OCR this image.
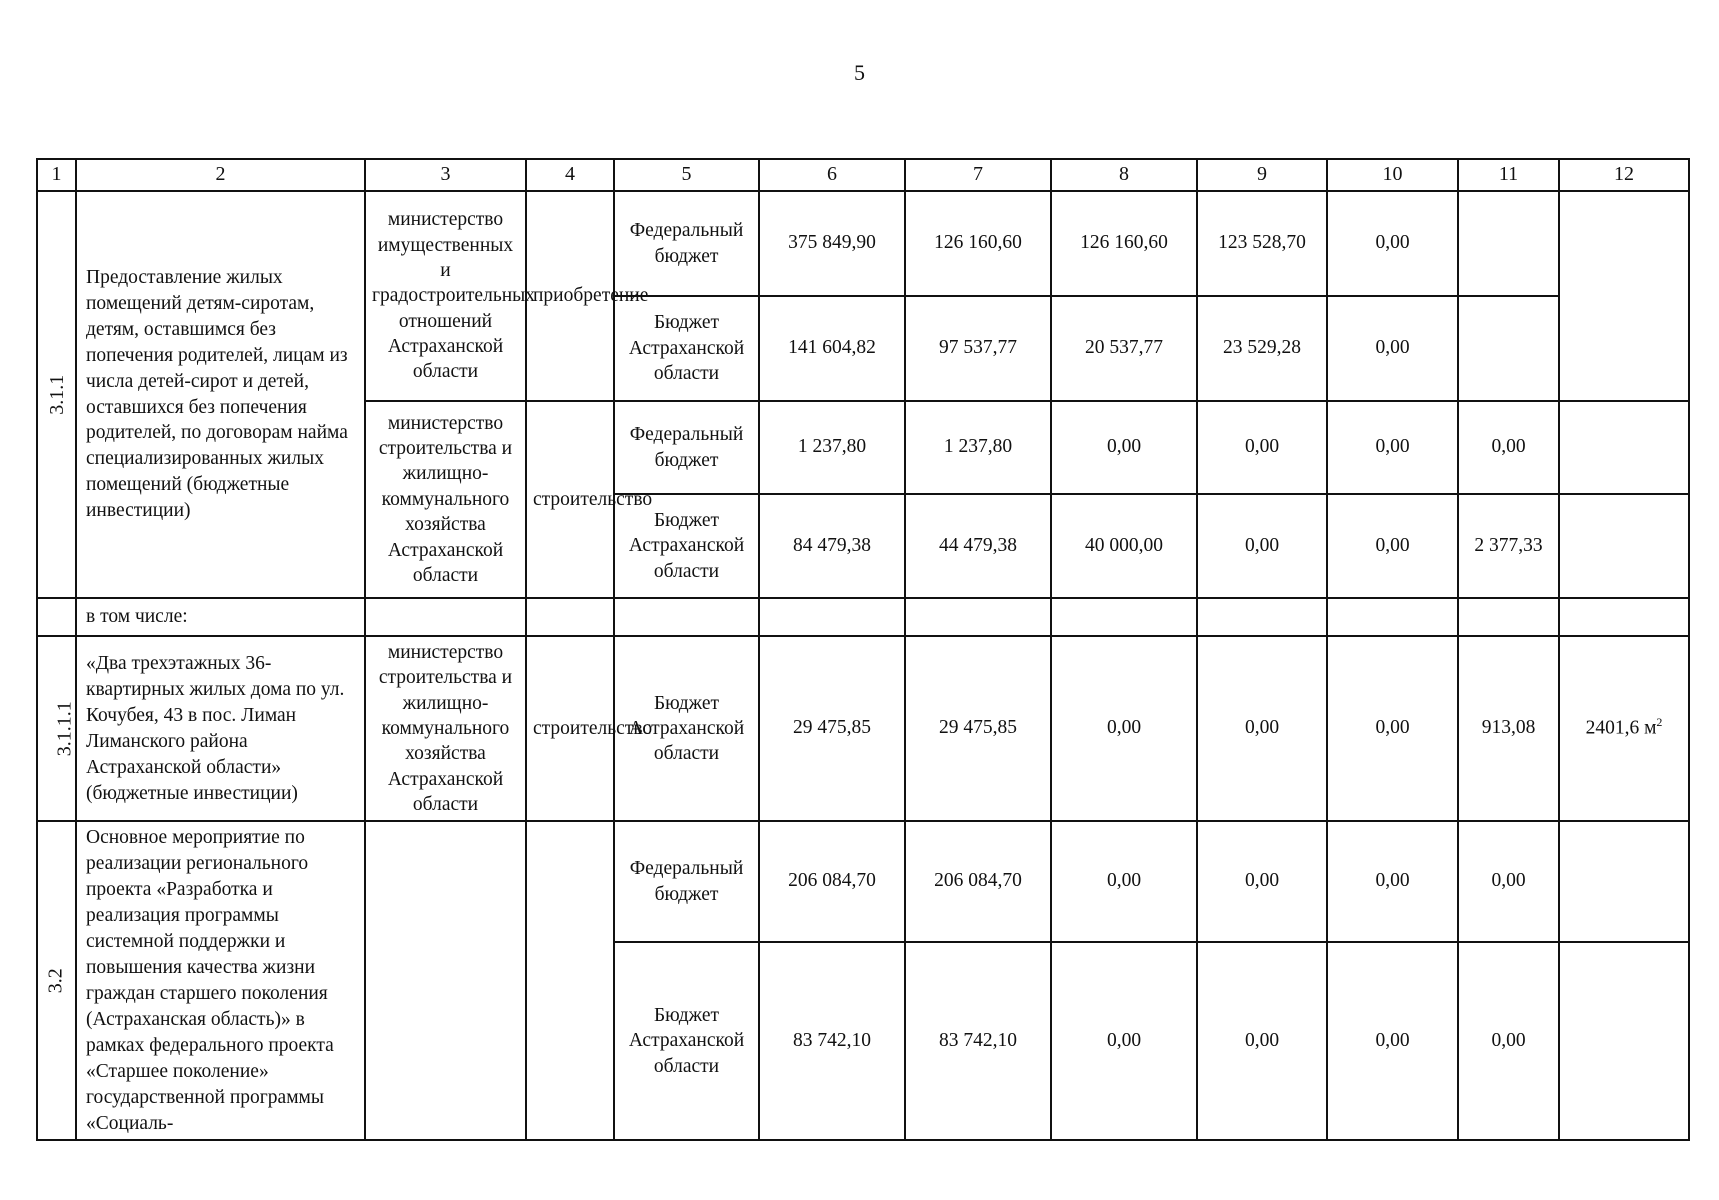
5
1	2	3	4	5	6	7	8	9	10	11	12
3.1.1	Предоставление жилых помещений детям-сиротам, детям, оставшимся без попечения родителей, лицам из числа детей-сирот и детей, оставшихся без попечения родителей, по договорам найма специализированных жилых помещений (бюджетные инвестиции)	министерство имущественных и градостроительных отношений Астраханской области	приобретение	Федеральный бюджет	375 849,90	126 160,60	126 160,60	123 528,70	0,00		
				Бюджет Астраханской области	141 604,82	97 537,77	20 537,77	23 529,28	0,00		
		министерство строительства и жилищно-коммунального хозяйства Астраханской области	строительство	Федеральный бюджет	1 237,80	1 237,80	0,00	0,00	0,00	0,00	
				Бюджет Астраханской области	84 479,38	44 479,38	40 000,00	0,00	0,00	2 377,33	
	в том числе:										
3.1.1.1	«Два трехэтажных 36-квартирных жилых дома по ул. Кочубея, 43 в пос. Лиман Лиманского района Астраханской области» (бюджетные инвестиции)	министерство строительства и жилищно-коммунального хозяйства Астраханской области	строительство	Бюджет Астраханской области	29 475,85	29 475,85	0,00	0,00	0,00	913,08	2401,6 $м^2$
3.2	Основное мероприятие по реализации регионального проекта «Разработка и реализация программы системной поддержки и повышения качества жизни граждан старшего поколения (Астраханская область)» в рамках федерального проекта «Старшее поколение» государственной программы «Социаль-			Федеральный бюджет	206 084,70	206 084,70	0,00	0,00	0,00	0,00	
				Бюджет Астраханской области	83 742,10	83 742,10	0,00	0,00	0,00	0,00	
